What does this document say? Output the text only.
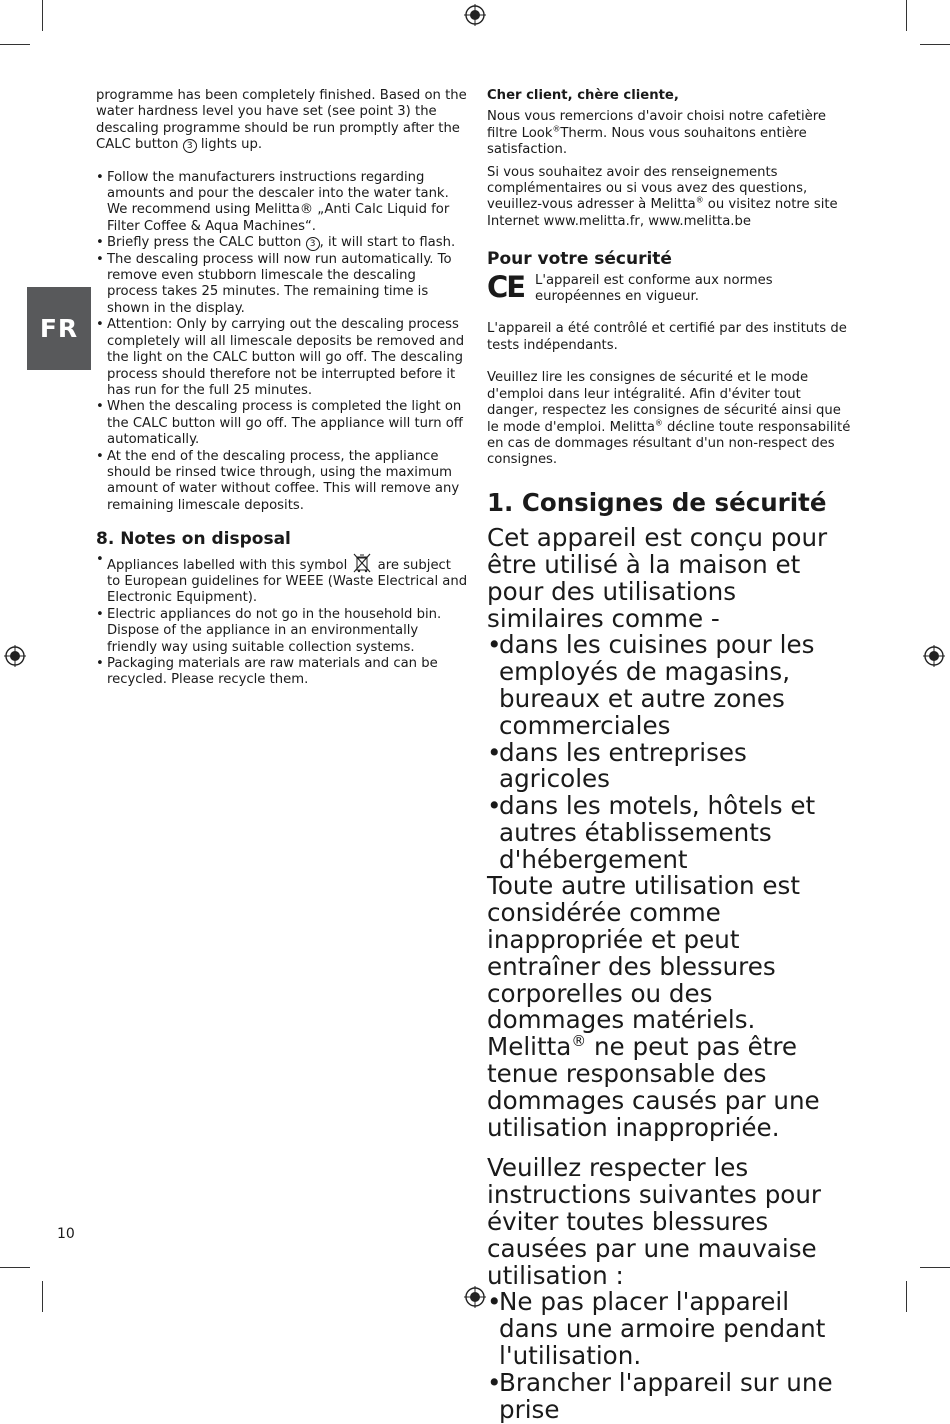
FR
10

programme has been completely finished. Based on the water hardness level you have set (see point 3) the descaling programme should be run promptly after the CALC button 3 lights up.

• Follow the manufacturers instructions regarding amounts and pour the descaler into the water tank. We recommend using Melitta® „Anti Calc Liquid for Filter Coffee & Aqua Machines“.
• Briefly press the CALC button 3 , it will start to flash.
• The descaling process will now run automatically. To remove even stubborn limescale the descaling process takes 25 minutes. The remaining time is shown in the display.
• Attention: Only by carrying out the descaling process completely will all limescale deposits be removed and the light on the CALC button will go off. The descaling process should therefore not be interrupted before it has run for the full 25 minutes.
• When the descaling process is completed the light on the CALC button will go off. The appliance will turn off automatically.
• At the end of the descaling process, the appliance should be rinsed twice through, using the maximum amount of water without coffee. This will remove any remaining limescale deposits.
8. Notes on disposal
• Appliances labelled with this symbol are subject to European guidelines for WEEE (Waste Electrical and Electronic Equipment).
• Electric appliances do not go in the household bin. Dispose of the appliance in an environmentally friendly way using suitable collection systems.
• Packaging materials are raw materials and can be recycled. Please recycle them.

Cher client, chère cliente,

Nous vous remercions d'avoir choisi notre cafetière filtre Look®Therm. Nous vous souhaitons entière satisfaction.

Si vous souhaitez avoir des renseignements complémentaires ou si vous avez des questions, veuillez-vous adresser à Melitta® ou visitez notre site Internet www.melitta.fr, www.melitta.be

Pour votre sécurité
CE L'appareil est conforme aux normes européennes en vigueur.

L'appareil a été contrôlé et certifié par des instituts de tests indépendants.

Veuillez lire les consignes de sécurité et le mode d'emploi dans leur intégralité. Afin d'éviter tout danger, respectez les consignes de sécurité ainsi que le mode d'emploi. Melitta® décline toute responsabilité en cas de dommages résultant d'un non-respect des consignes.

1. Consignes de sécurité
Cet appareil est conçu pour être utilisé à la maison et pour des utilisations similaires comme -
• dans les cuisines pour les employés de magasins, bureaux et autre zones commerciales
• dans les entreprises agricoles
• dans les motels, hôtels et autres établissements d'hébergement
Toute autre utilisation est considérée comme inappropriée et peut entraîner des blessures corporelles ou des dommages matériels. Melitta® ne peut pas être tenue responsable des dommages causés par une utilisation inappropriée.
Veuillez respecter les instructions suivantes pour éviter toutes blessures causées par une mauvaise utilisation :
• Ne pas placer l'appareil dans une armoire pendant l'utilisation.
• Brancher l'appareil sur une prise
